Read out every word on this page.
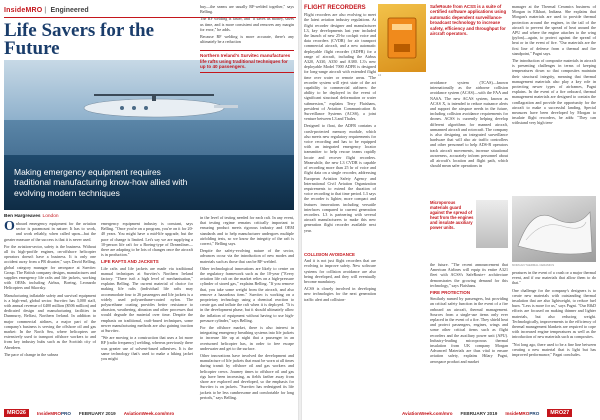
InsideMRO | Engineered
Life Savers for the Future

Making emergency equipment requires traditional manufacturing know-how allied with evolving modern techniques

Ben Hargreaves London

Onboard emergency equipment for the aviation sector is paramount in nature: It has to work, and work reliably, when called upon—but the greater measure of the success is that it is never used.

For the aviation-sector, safety is the business. Without all its high-profile engines, on-offshore helicopter operators doesn't have a business. It is only one accident away from a PR disaster," says David Belling, global category manager for aerospace at Survitec Group. The British company designs, manufactures and supplies emergency life rafts and life jackets, working with OEMs including Airbus, Boeing, Leonardo Helicopters and Sikorsky.

Manufacturing inflatable safety and survival equipment is a high-end, global sector. Survitec has 3,000 staff, with annual revenue of £400 million ($506 million) and dedicated design and manufacturing facilities in Dunmurry, Belfast, Northern Ireland. In addition to major commercial airlines, a major part of the company's business is serving the offshore oil and gas market: In the North Sea, where helicopters are extensively used to transport offshore workers to and from key industry hubs such as the Scottish city of Aberdeen.

The pace of change in the subsea

emergency equipment industry is constant, says Belling. "Once you're on a program, you're on it for 20-40 years. You might have a mid-life upgrade, but the pace of change is limited. Let's say we are supplying a 10-person life raft for a Boeing-type of Dreamliner—there are adapting to be lots of changes once the aircraft is in production."

LIFE RAFTS AND JACKETS

Life rafts and life jackets are made via traditional manual techniques at Survitec's Northern Ireland factory. "There isn't a high level of mechanisation," explains Belling. The current material of choice for making life rafts (individual life rafts may accommodate four to 26 passengers and life jackets is a widely used polyurethane-coated nylon. The polyurethane coating provides better resistance to abrasion, weathering, abrasion and other processes that would degrade the material over time. Despite the emphasis on traditional, craft-based techniques, some newer manufacturing methods are also gaining traction at Survitec.

"We are moving to a construction that uses a lot more RF [radio frequency] welding, whereas previously there was greater use of solvent-based adhesives. It is the same technology that's used to make a hiking jacket you might

buy—the seams are usually RF-welded together," says Belling.

The RF welding is faster, and "it saves us money, saves us time, and is more consistent and removes any margin for error," he adds.

Because RF welding is more accurate, there's any ultimately be a reduction

Northern Ireland's Survitec manufactures life rafts using traditional techniques for up to 40 passengers.

in the level of testing needed for each raft. In any event, that testing regime remains critically important to ensuring product meets rigorous industry and OEM standards and to help manufacturer undergoes multiple airfolding tests, so we know the integrity of the raft is correct," Belling says.

Despite the safety-evolving nature of the sector, advances occur via the introduction of new modes and materials such as those that can be RF-welded.

Other technological innovations are likely to centre on the regulatory framework such as the 10-year ("Every aviation life raft on the market relies on a high-pressure cylinder of stored gas," explains Belling. "If you remove that, you take some weight from the aircraft, and also remove a hazardous item." Survitec is working on a proprietary technology using a chemical reaction to create gas and inflate the raft when it is deployed. "It is in the development phase, but it should ultimately allow the inflation of equipment without having to use high-pressure cylinder," says Belling.

For the offshore market, there is also interest in integrating emergency breathing systems into life jackets to increase life up at night that a passenger in an overturned helicopter has, in order to free escape underwater and get to the surface.

Other innovations have involved the development and manufacture of life jackets that must be worn at all times during transit by offshore oil and gas workers and helicopter crews. Journey times to offshore oil and gas rigs have been increasing, as fields farther away from shore are explored and developed, so the emphasis for Survitec is on jackets. "Survitec has redesigned its life jackets to be less cumbersome and comfortable for long periods," says Belling.

MRO26	InsideMROPRO FEBRUARY 2019 AviationWeek.com/mro

FLIGHT RECORDERS

Flight recorders are also evolving to meet the latest aviation industry regulations. At flight recorder designer and manufacturer L3, key developments last year included the launch of new 25-hr cockpit voice and data recorders (CVDR) for air transport commercial aircraft, and a new automatic deployable flight recorder (ADFR) for a range of aircraft, including the Airbus A320, A330, A350 and A380. L3's new deployable Model 7000 ADFR is designed for long-range aircraft with extended flight time over water or remote areas. "The recorder system will eject state of the art capability to commercial airliners: the ability to be deployed in the event of significant structural deformation or water submersion," explains Terry Flaishans, president of Aviation Communication & Surveillance Systems (ACSS), a joint venture between L3 and Thales.

Designed to float, the ADFR contains a crash-protected memory module, which also meets new regulatory requirements for voice recording and has to be equipped with an integrated emergency locator transmitter to help rescue teams rapidly locate and recover flight recorders. Meanwhile, the new L3 CVDR is capable of recording more than 25 hr of voice and flight data on a single recorder, addressing European Aviation Safety Agency and International Civil Aviation Organization requirements to extend the duration of voice recording to that time period. L3 says the recorder is lighter, more compact and features innovations including versatile interfaces compared to current generation recorders. L3 is partnering with several aircraft manufacturers to make this new generation flight recorder available next year.

L3
SafeRoute from ACSS is a suite of certified software applications using automatic dependent surveillance-broadcast technology to increase safety, efficiency and throughput for aircraft operators.

avoidance system (TCAS)—known internationally as the airborne collision avoidance system (ACAS)—with the FAA and NASA. The new ACAS system, known as ACAS X, is intended to reduce nuisance alerts and support the airspace needs in the future, including collision avoidance requirements for drones. ACSS is currently helping develop different algorithms for manned aircraft, unmanned aircraft and rotorcraft. The company is also designing an integrated surveillance hardware that will also air traffic controllers and other personnel to help ADS-B operators track aircraft movements, increase situational awareness, accurately inform personnel about all aircraft's location and flight path, which should mean safer operations in

Microporous materials guard against the spread of heat from the engines and insulate auxiliary power units.

COLLISION AVOIDANCE

And it is not just flight recorders that are evolving to improve safety. New software systems for collision avoidance are also being developed, and they will eventually become mandatory.

ACSS is closely involved in developing new technologies for the next generation traffic alert and collision-

the future. "The recent announcement that American Airlines will equip its entire A321 fleet with ACSS's SafeRoute+ architecture demonstrates the growing demand for this technology," says Flaishans.

FIRE PROTECTION

Similarly named by passengers, but providing an critical safety function in the event of a fire onboard an aircraft, thermal management. Sources from a single-use items only ever replaced in the event of a fire. They shield heat and protect passengers, engines, wings and some other critical items such as flight recorders and the auxiliary power unit (APU). Industry-leading microporous thermal insulation from UK company Morgan Advanced Materials are thus vital to ensure aviation safety, explains Hilary Pagni, aerospace product and market

manager at the Thermal Ceramics business of Morgan in Elkhart, Indiana. She explains that Morgan's materials are used to provide thermal protection around the engines, in the tail of the aircraft to prevent the spread of heat around the APU and where the engine attaches to the wing (pylon)—again, to protect against the spread of heat or in the event of fire. "Our materials are the first line of defense from a thermal and fire standpoint," Pagni says.

The introduction of composite materials in aircraft is presenting challenges in terms of keeping temperatures down so that composites maintain their structural integrity, meaning that thermal management materials also play a key role in protecting newer types of airframes, Pagni explains. In the event of a fire onboard, thermal management materials are designed to contain the conflagration and provide the opportunity for the aircraft to make a successful landing. Special measures have been developed by Morgan to insulate flight recorders, he adds: "They can withstand very high tem-

MORGAN THERMAL CERAMICS

peratures in the event of a crash or a major thermal event, and if our materials that allow them to do that."

One challenge for the company's designers is to create new materials with outstanding thermal insulation that are also lightweight, to reduce fuel burn. "Less is more for us," says Pagni. "Our R&D efforts are focused on making thinner and lighter materials, but also reducing weight. Technologically, improvements to the efficiency of thermal management blankets are required to cope with increased engine temperatures as well as the introduction of new materials such as composites.

"Not long ago, there used to be a fine line between creating a new material that is light but has improved performance," Pagni concludes.

AviationWeek.com/mro FEBRUARY 2019 InsideMROPRO	MRO27
